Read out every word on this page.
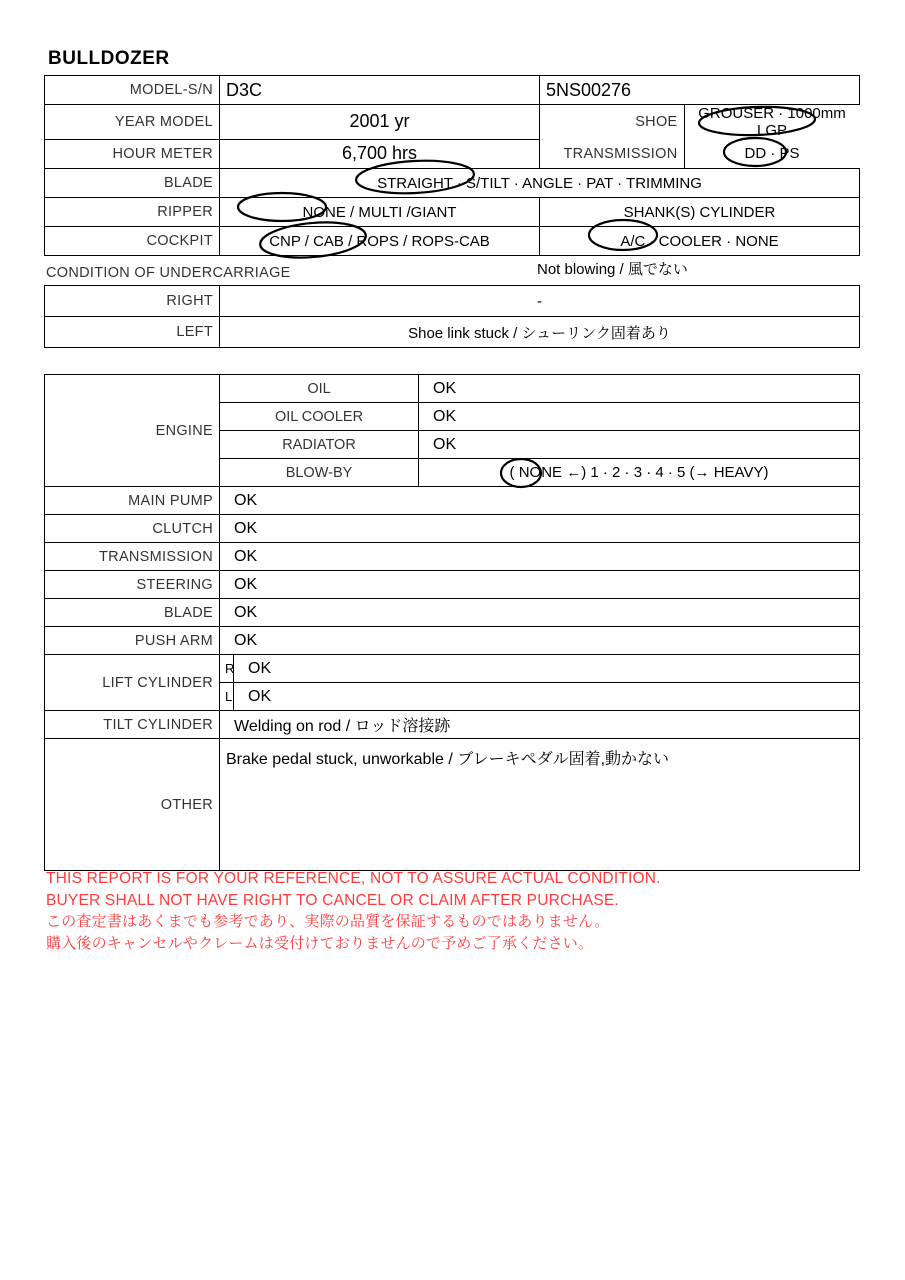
BULLDOZER
MODEL-S/N	D3C	5NS00276
YEAR MODEL	2001 yr		SHOE	GROUSER · 1000mm LGP

HOUR METER	6,700 hrs		TRANSMISSION	DD · PS

BLADE	STRAIGHT · S/TILT · ANGLE · PAT · TRIMMING
RIPPER	NONE / MULTI /GIANT	SHANK(S) CYLINDER
COCKPIT	CNP / CAB / ROPS / ROPS-CAB	A/C · COOLER · NONE
CONDITION OF UNDERCARRIAGE	Not blowing / 風でない
RIGHT	-
LEFT	Shoe link stuck / シューリンク固着あり
ENGINE	OIL		OK
	OIL COOLER		OK
	RADIATOR		OK
	BLOW-BY		( NONE ←) 1 · 2 · 3 · 4 · 5 (→ HEAVY)
MAIN PUMP	OK		
CLUTCH	OK		
TRANSMISSION	OK		
STEERING	OK		
BLADE	OK		
PUSH ARM	OK		
LIFT CYLINDER	R	OK	
	L	OK	
TILT CYLINDER	Welding on rod / ロッド溶接跡		
OTHER	Brake pedal stuck, unworkable / ブレーキペダル固着,動かない		
THIS REPORT IS FOR YOUR REFERENCE, NOT TO ASSURE ACTUAL CONDITION.
BUYER SHALL NOT HAVE RIGHT TO CANCEL OR CLAIM AFTER PURCHASE.
この査定書はあくまでも参考であり、実際の品質を保証するものではありません。
購入後のキャンセルやクレームは受付けておりませんので予めご了承ください。
